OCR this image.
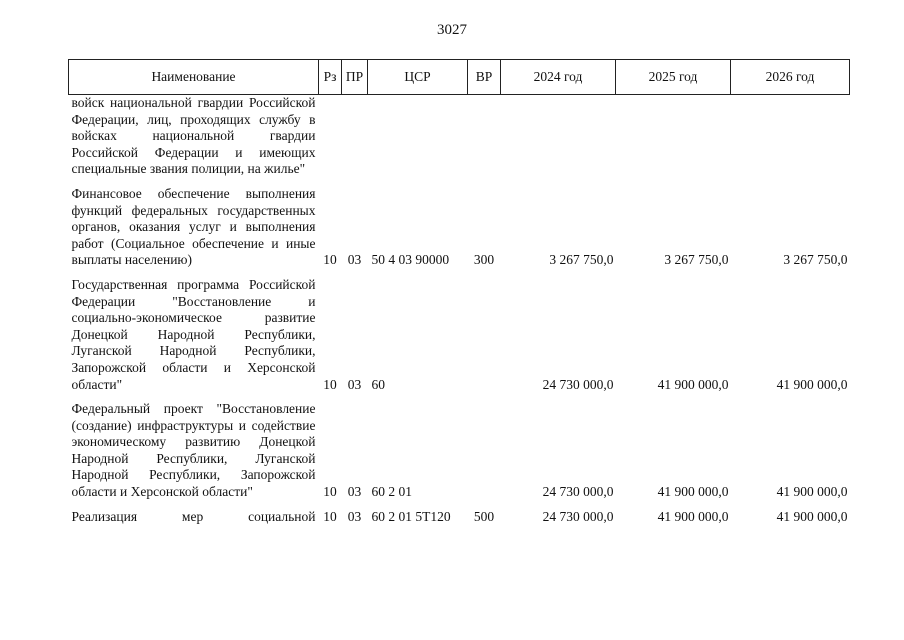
3027
Наименование	Рз	ПР	ЦСР	ВР	2024 год	2025 год	2026 год
войск национальной гвардии Российской Федерации, лиц, проходящих службу в войсках национальной гвардии Российской Федерации и имеющих специальные звания полиции, на жилье"							

Финансовое обеспечение выполнения функций федеральных государственных органов, оказания услуг и выполнения работ (Социальное обеспечение и иные выплаты населению)	10	03	50 4 03 90000	300	3 267 750,0	3 267 750,0	3 267 750,0

Государственная программа Российской Федерации "Восстановление и социально-экономическое развитие Донецкой Народной Республики, Луганской Народной Республики, Запорожской области и Херсонской области"	10	03	60		24 730 000,0	41 900 000,0	41 900 000,0

Федеральный проект "Восстановление (создание) инфраструктуры и содействие экономическому развитию Донецкой Народной Республики, Луганской Народной Республики, Запорожской области и Херсонской области"	10	03	60 2 01		24 730 000,0	41 900 000,0	41 900 000,0

Реализация мер социальной	10	03	60 2 01 5Т120	500	24 730 000,0	41 900 000,0	41 900 000,0
